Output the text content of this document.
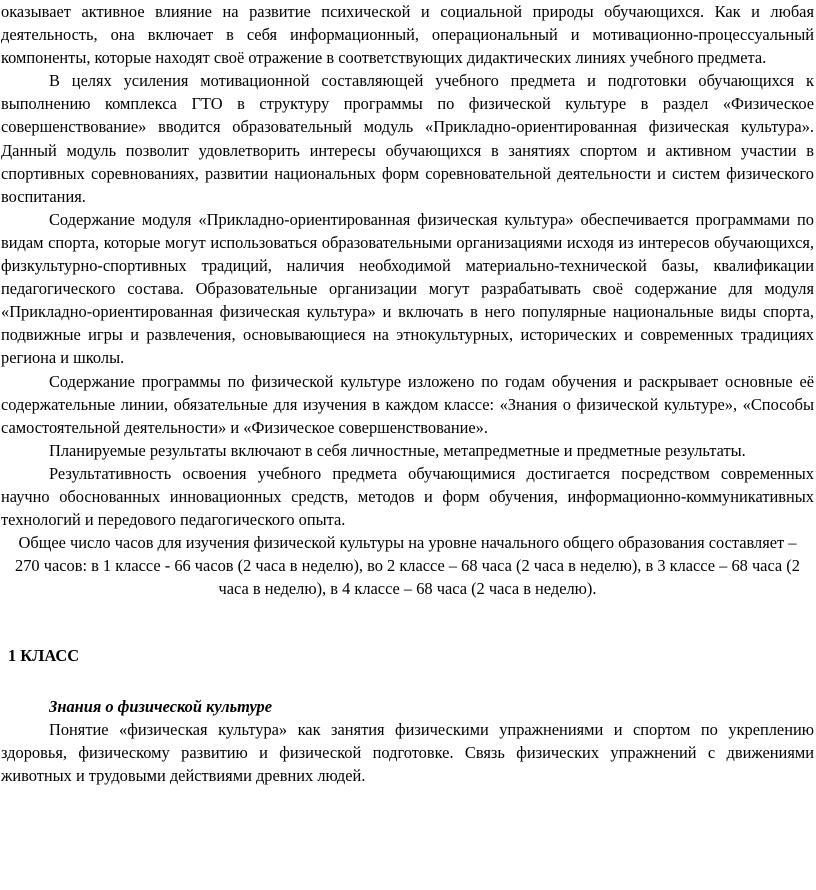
оказывает активное влияние на развитие психической и социальной природы обучающихся. Как и любая деятельность, она включает в себя информационный, операциональный и мотивационно-процессуальный компоненты, которые находят своё отражение в соответствующих дидактических линиях учебного предмета.

В целях усиления мотивационной составляющей учебного предмета и подготовки обучающихся к выполнению комплекса ГТО в структуру программы по физической культуре в раздел «Физическое совершенствование» вводится образовательный модуль «Прикладно-ориентированная физическая культура». Данный модуль позволит удовлетворить интересы обучающихся в занятиях спортом и активном участии в спортивных соревнованиях, развитии национальных форм соревновательной деятельности и систем физического воспитания.

Содержание модуля «Прикладно-ориентированная физическая культура» обеспечивается программами по видам спорта, которые могут использоваться образовательными организациями исходя из интересов обучающихся, физкультурно-спортивных традиций, наличия необходимой материально-технической базы, квалификации педагогического состава. Образовательные организации могут разрабатывать своё содержание для модуля «Прикладно-ориентированная физическая культура» и включать в него популярные национальные виды спорта, подвижные игры и развлечения, основывающиеся на этнокультурных, исторических и современных традициях региона и школы.

Содержание программы по физической культуре изложено по годам обучения и раскрывает основные её содержательные линии, обязательные для изучения в каждом классе: «Знания о физической культуре», «Способы самостоятельной деятельности» и «Физическое совершенствование».

Планируемые результаты включают в себя личностные, метапредметные и предметные результаты.

Результативность освоения учебного предмета обучающимися достигается посредством современных научно обоснованных инновационных средств, методов и форм обучения, информационно-коммуникативных технологий и передового педагогического опыта.

Общее число часов для изучения физической культуры на уровне начального общего образования составляет – 270 часов: в 1 классе - 66 часов (2 часа в неделю), во 2 классе – 68 часа (2 часа в неделю), в 3 классе – 68 часа (2 часа в неделю), в 4 классе – 68 часа (2 часа в неделю).

1 КЛАСС

Знания о физической культуре

Понятие «физическая культура» как занятия физическими упражнениями и спортом по укреплению здоровья, физическому развитию и физической подготовке. Связь физических упражнений с движениями животных и трудовыми действиями древних людей.
